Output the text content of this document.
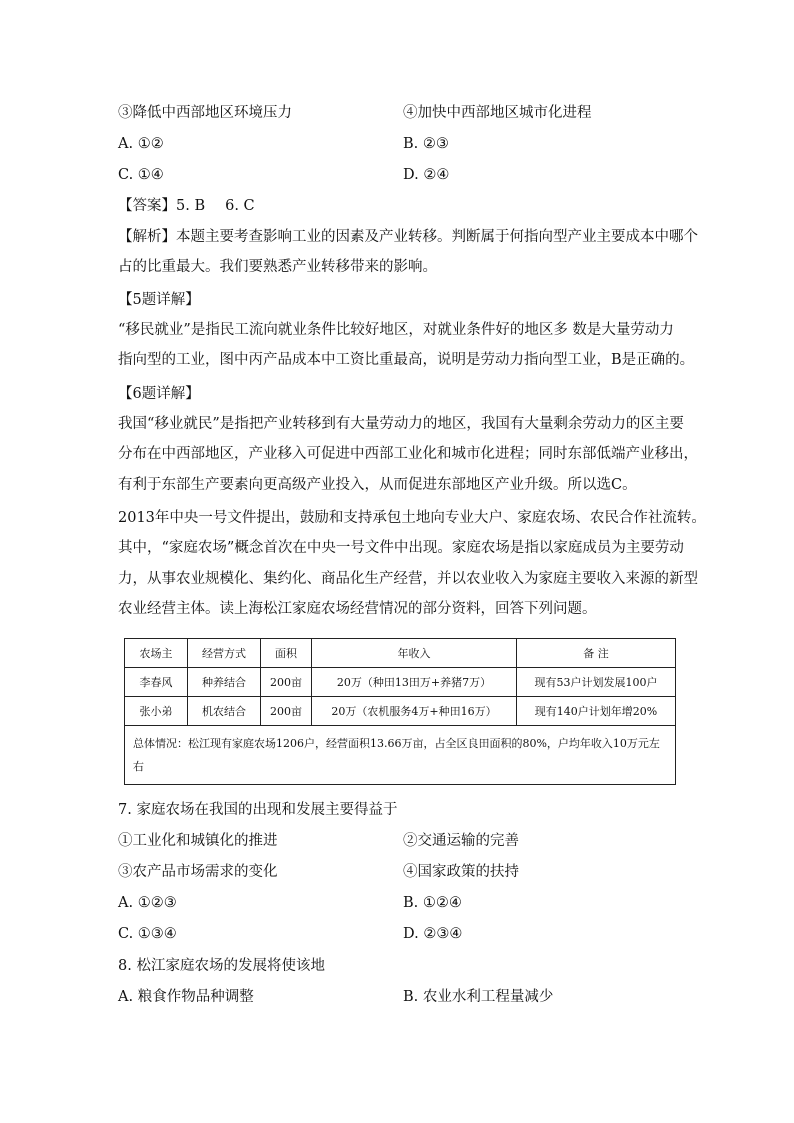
③降低中西部地区环境压力	④加快中西部地区城市化进程
A. ①②	B. ②③
C. ①④	D. ②④
【答案】5. B 6. C
【解析】本题主要考查影响工业的因素及产业转移。判断属于何指向型产业主要成本中哪个
占的比重最大。我们要熟悉产业转移带来的影响。
【5题详解】
“移民就业”是指民工流向就业条件比较好地区，对就业条件好的地区多 数是大量劳动力
指向型的工业，图中丙产品成本中工资比重最高，说明是劳动力指向型工业，B是正确的。
【6题详解】
我国“移业就民”是指把产业转移到有大量劳动力的地区，我国有大量剩余劳动力的区主要
分布在中西部地区，产业移入可促进中西部工业化和城市化进程；同时东部低端产业移出，
有利于东部生产要素向更高级产业投入，从而促进东部地区产业升级。所以选C。
2013年中央一号文件提出，鼓励和支持承包土地向专业大户、家庭农场、农民合作社流转。
其中，“家庭农场”概念首次在中央一号文件中出现。家庭农场是指以家庭成员为主要劳动
力，从事农业规模化、集约化、商品化生产经营，并以农业收入为家庭主要收入来源的新型
农业经营主体。读上海松江家庭农场经营情况的部分资料，回答下列问题。
农场主	经营方式	面积	年收入	备 注
李春风	种养结合	200亩	20万（种田13田万+养猪7万）	现有53户计划发展100户
张小弟	机农结合	200亩	20万（农机服务4万+种田16万）	现有140户计划年增20%
总体情况：松江现有家庭农场1206户，经营面积13.66万亩，占全区良田面积的80%，户均年收入10万元左右				
7. 家庭农场在我国的出现和发展主要得益于
①工业化和城镇化的推进	②交通运输的完善
③农产品市场需求的变化	④国家政策的扶持
A. ①②③	B. ①②④
C. ①③④	D. ②③④
8. 松江家庭农场的发展将使该地
A. 粮食作物品种调整	B. 农业水利工程量减少
